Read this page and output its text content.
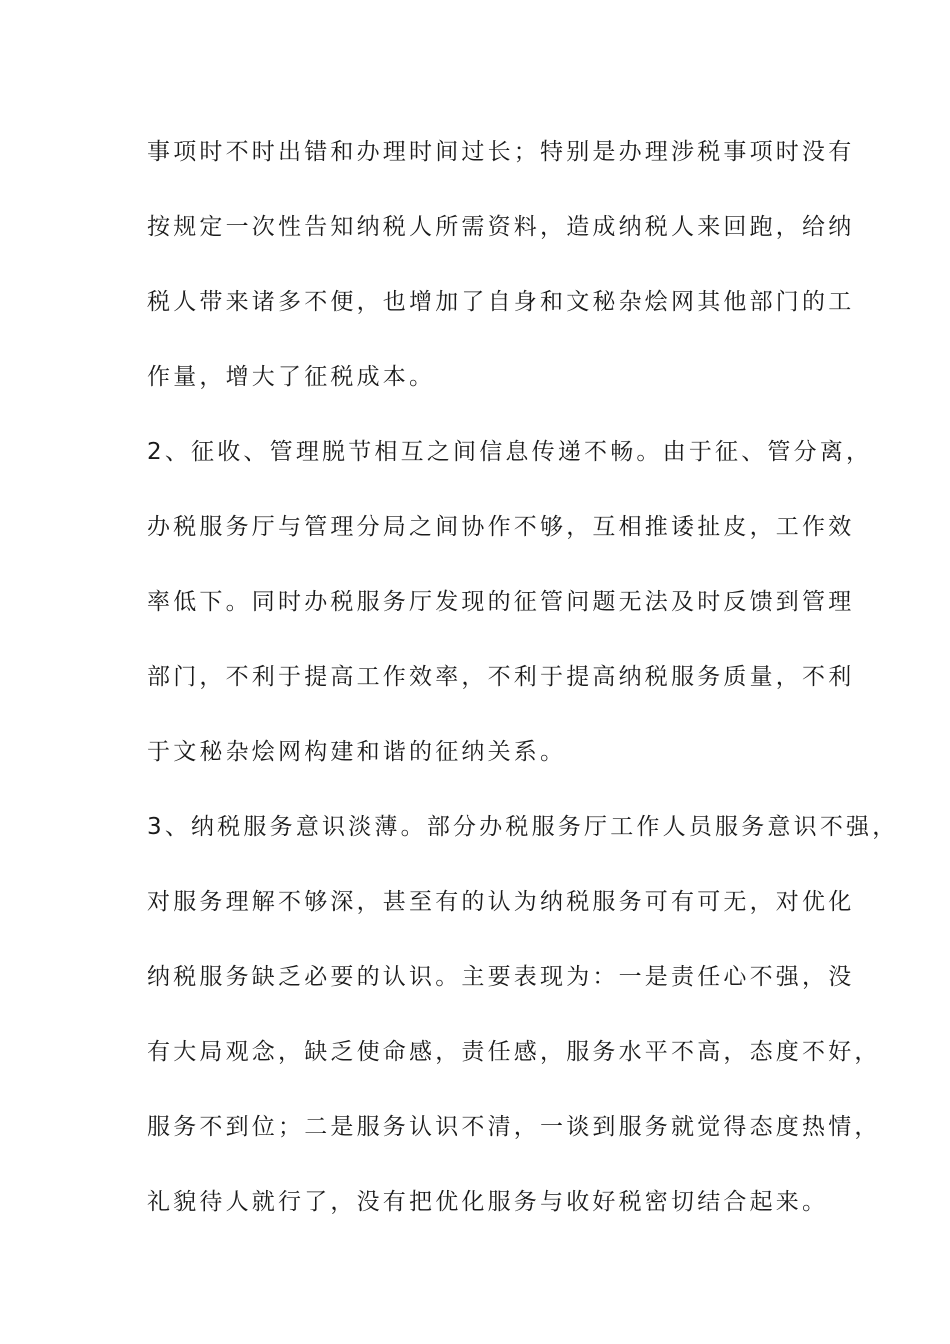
事项时不时出错和办理时间过长；特别是办理涉税事项时没有
按规定一次性告知纳税人所需资料，造成纳税人来回跑，给纳
税人带来诸多不便，也增加了自身和文秘杂烩网其他部门的工
作量，增大了征税成本。
2、征收、管理脱节相互之间信息传递不畅。由于征、管分离，
办税服务厅与管理分局之间协作不够，互相推诿扯皮，工作效
率低下。同时办税服务厅发现的征管问题无法及时反馈到管理
部门，不利于提高工作效率，不利于提高纳税服务质量，不利
于文秘杂烩网构建和谐的征纳关系。
3、纳税服务意识淡薄。部分办税服务厅工作人员服务意识不强，
对服务理解不够深，甚至有的认为纳税服务可有可无，对优化
纳税服务缺乏必要的认识。主要表现为：一是责任心不强，没
有大局观念，缺乏使命感，责任感，服务水平不高，态度不好，
服务不到位；二是服务认识不清，一谈到服务就觉得态度热情，
礼貌待人就行了，没有把优化服务与收好税密切结合起来。
